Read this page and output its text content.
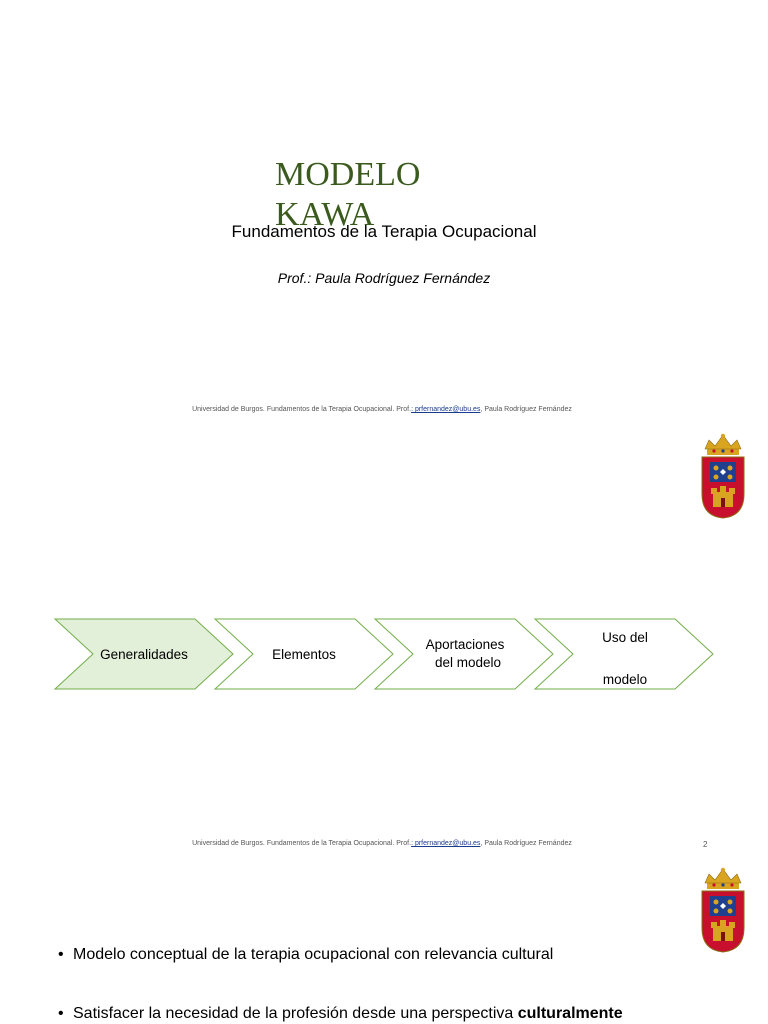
MODELO KAWA
Fundamentos de la Terapia Ocupacional
Prof.: Paula Rodríguez Fernández
Universidad de Burgos. Fundamentos de la Terapia Ocupacional. Prof.: prfernandez@ubu.es, Paula Rodríguez Fernández
Generalidades	Elementos
Aportaciones
del modelo
Uso del
modelo
Universidad de Burgos. Fundamentos de la Terapia Ocupacional. Prof.: prfernandez@ubu.es, Paula Rodríguez Fernández	2
• Modelo conceptual de la terapia ocupacional con relevancia cultural
• Satisfacer la necesidad de la profesión desde una perspectiva culturalmente
